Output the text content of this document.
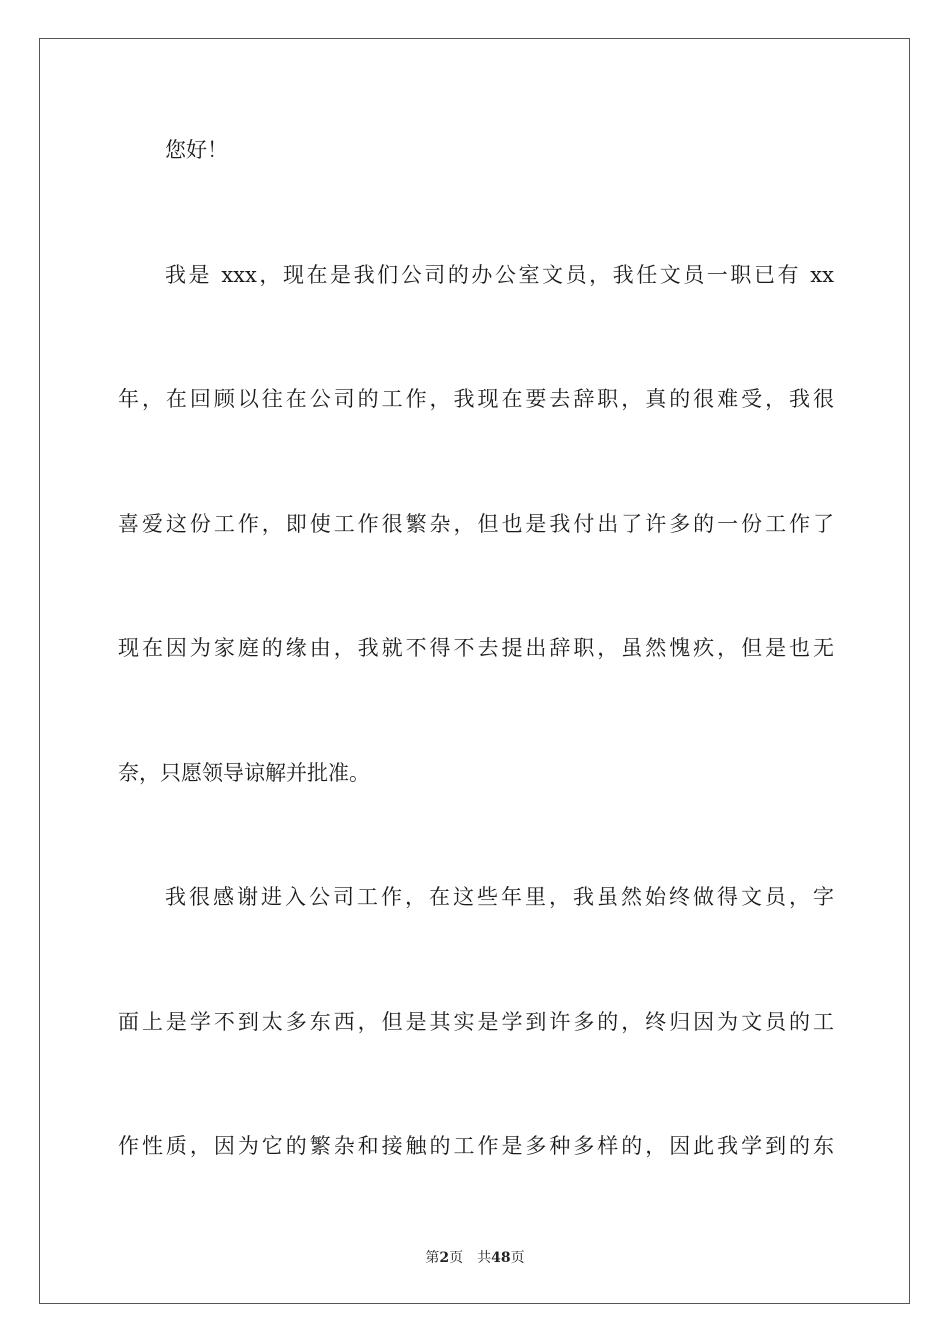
您好！
我是 xxx，现在是我们公司的办公室文员，我任文员一职已有 xx
年，在回顾以往在公司的工作，我现在要去辞职，真的很难受，我很
喜爱这份工作，即使工作很繁杂，但也是我付出了许多的一份工作了
现在因为家庭的缘由，我就不得不去提出辞职，虽然愧疚，但是也无
奈，只愿领导谅解并批准。
我很感谢进入公司工作，在这些年里，我虽然始终做得文员，字
面上是学不到太多东西，但是其实是学到许多的，终归因为文员的工
作性质，因为它的繁杂和接触的工作是多种多样的，因此我学到的东
第2页 共48页
